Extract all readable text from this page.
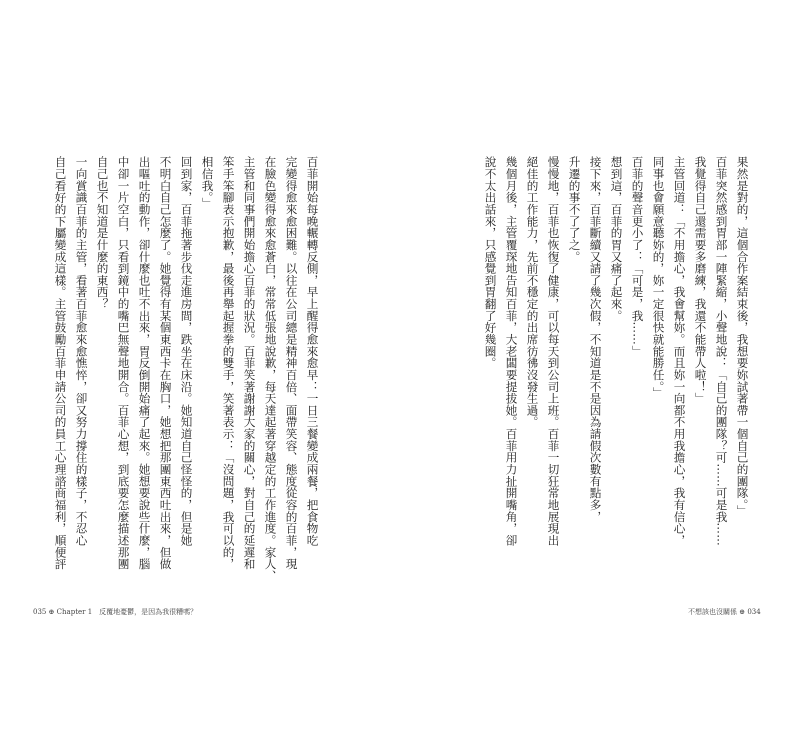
果然是對的，這個合作案結束後，我想要妳試著帶一個自己的團隊。」
百菲突然感到胃部一陣緊縮，小聲地說：「自己的團隊？可……可是我……
我覺得自己還需要多磨練，我還不能帶人啦！」
主管回道：「不用擔心，我會幫妳。而且妳一向都不用我擔心，我有信心，
同事也會願意聽妳的，妳一定很快就能勝任。」
百菲的聲音更小了：「可是，我……」
想到這，百菲的胃又痛了起來。
接下來，百菲斷續又請了幾次假，不知道是不是因為請假次數有點多，
升遷的事不了了之。
慢慢地，百菲也恢復了健康，可以每天到公司上班。百菲一切狂常地展現出
絕佳的工作能力，先前不穩定的出席彷彿沒發生過。
幾個月後，主管覆琛地告知百菲，大老闆要提拔她。百菲用力扯開嘴角，卻
說不太出話來，只感覺到胃翻了好幾圈。
百菲開始每晚輾轉反側，早上醒得愈來愈早：一日三餐變成兩餐，把食物吃
完變得愈來愈困難。以往在公司總是精神百倍、面帶笑容、態度從容的百菲，現
在臉色變得愈來愈蒼白，常常低張地說歉，每天達起著穿越定的工作進度。家人、
主管和同事們開始擔心百菲的狀況。百菲笑著謝謝大家的關心，對自己的延遲和
笨手笨腳表示抱歉，最後再舉起握拳的雙手，笑著表示：「沒問題，我可以的，
相信我。」
回到家，百菲拖著步伐走進房間，跌坐在床沿。她知道自己怪怪的，但是她
不明白自己怎麼了。她覺得有某個東西卡在胸口，她想把那團東西吐出來，但做
出嘔吐的動作，卻什麼也吐不出來，胃反倒開始痛了起來。她想要說些什麼，腦
中卻一片空白，只看到鏡中的嘴巴無聲地開合。百菲心想，到底要怎麼描述那團
自己也不知道是什麼的東西？
一向賞識百菲的主管，看著百菲愈來愈憔悴，卻又努力撐住的樣子，不忍心
自己看好的下屬變成這樣。主管鼓勵百菲申請公司的員工心理諮商福利，順便評
035 ⊕ Chapter 1　反覆地憂鬱，是因為我很糟嗎？	不想該也沒關係 ⊕ 034
